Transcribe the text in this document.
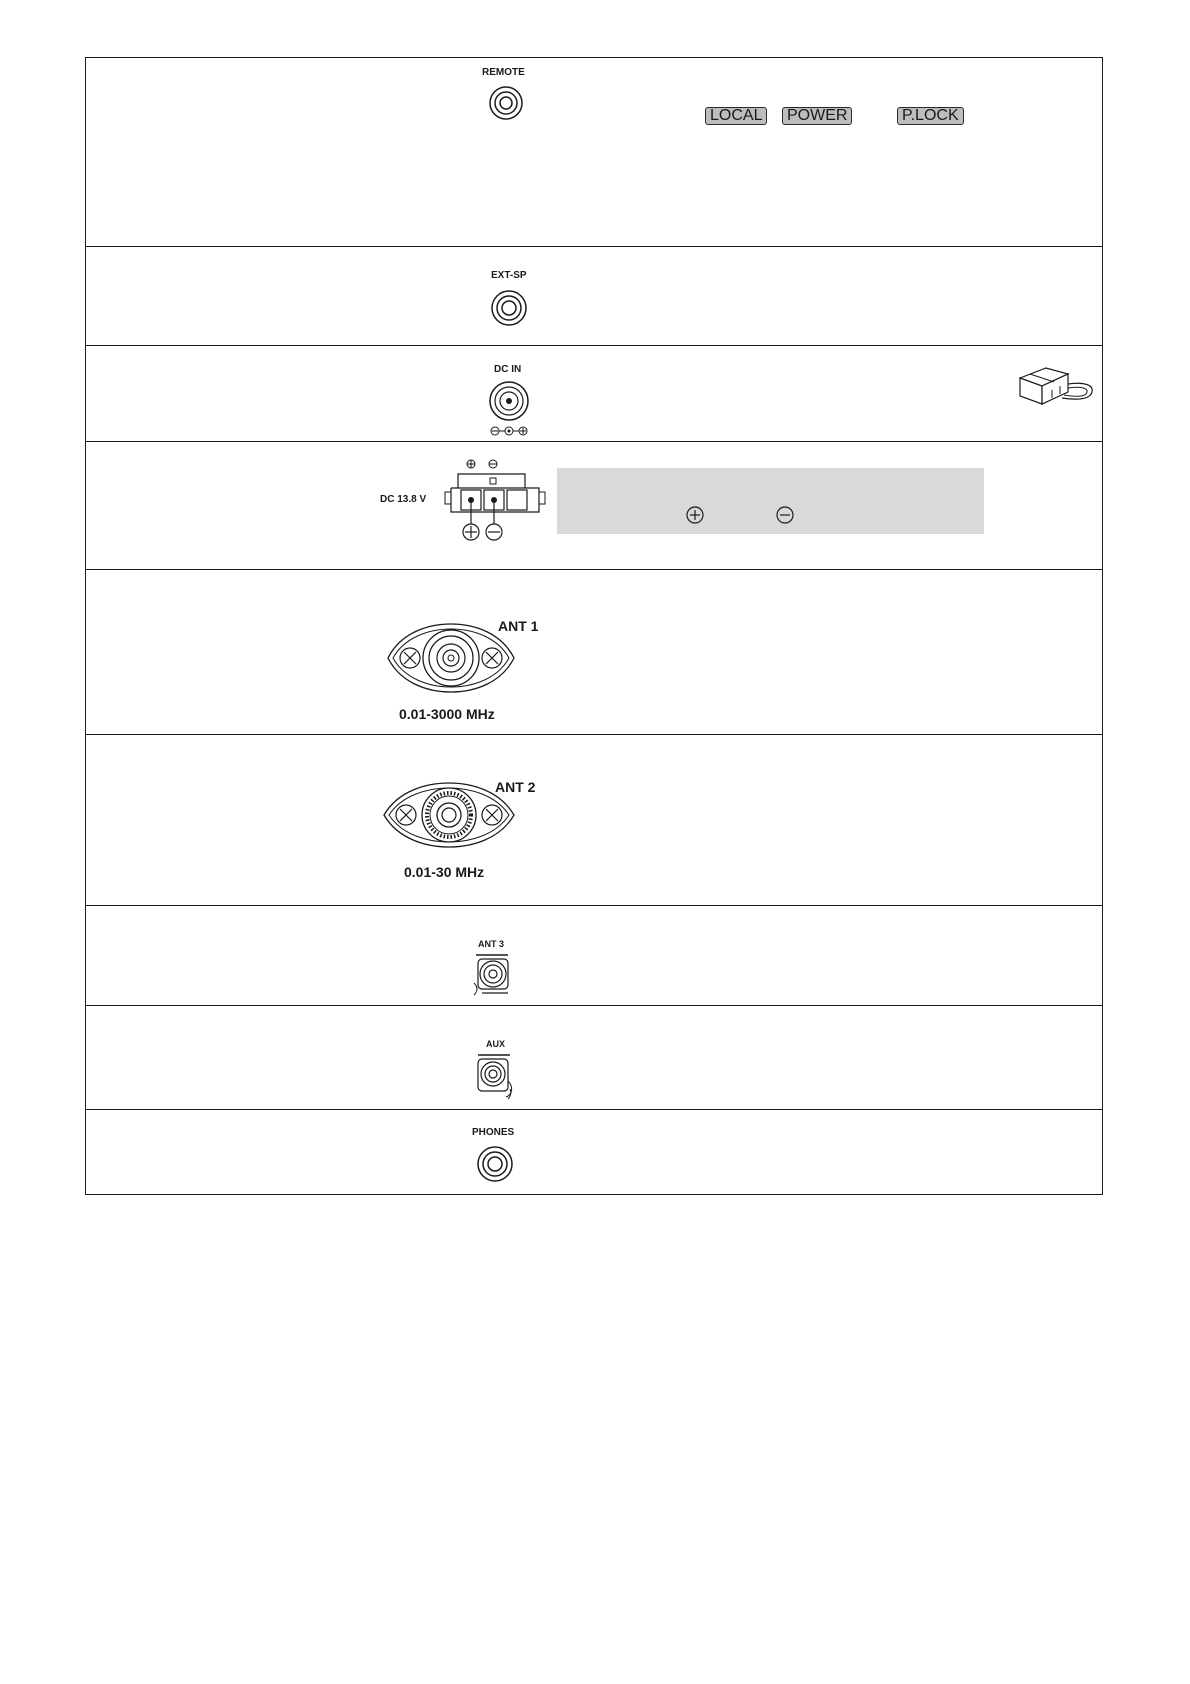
REMOTE
LOCAL	POWER	P.LOCK
EXT-SP
DC IN
DC 13.8 V
ANT 1
0.01-3000 MHz
ANT 2
0.01-30 MHz
ANT 3
AUX
PHONES
